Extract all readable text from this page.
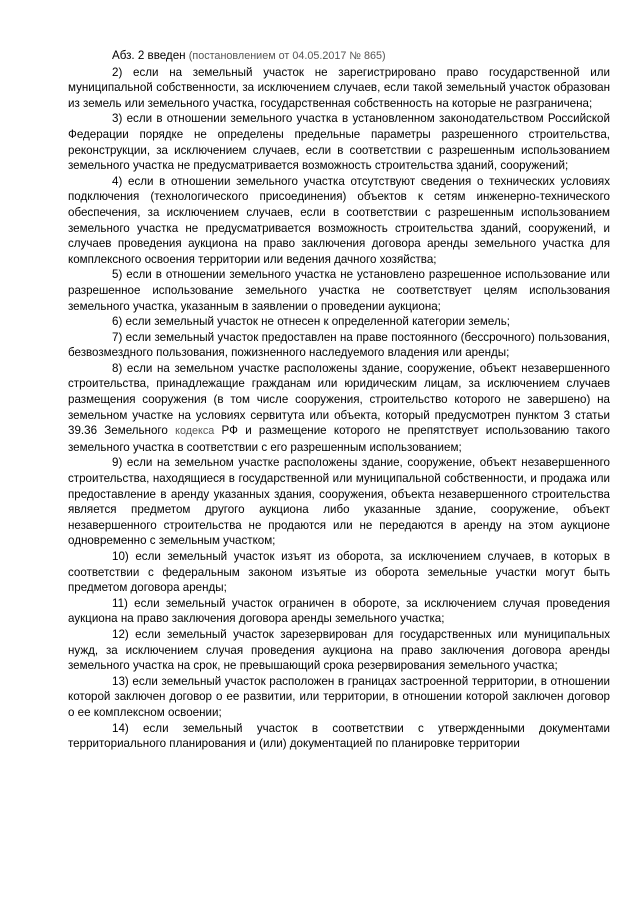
Абз. 2 введен (постановлением от 04.05.2017 № 865)

2) если на земельный участок не зарегистрировано право государственной или муниципальной собственности, за исключением случаев, если такой земельный участок образован из земель или земельного участка, государственная собственность на которые не разграничена;

3) если в отношении земельного участка в установленном законодательством Российской Федерации порядке не определены предельные параметры разрешенного строительства, реконструкции, за исключением случаев, если в соответствии с разрешенным использованием земельного участка не предусматривается возможность строительства зданий, сооружений;

4) если в отношении земельного участка отсутствуют сведения о технических условиях подключения (технологического присоединения) объектов к сетям инженерно-технического обеспечения, за исключением случаев, если в соответствии с разрешенным использованием земельного участка не предусматривается возможность строительства зданий, сооружений, и случаев проведения аукциона на право заключения договора аренды земельного участка для комплексного освоения территории или ведения дачного хозяйства;

5) если в отношении земельного участка не установлено разрешенное использование или разрешенное использование земельного участка не соответствует целям использования земельного участка, указанным в заявлении о проведении аукциона;

6) если земельный участок не отнесен к определенной категории земель;

7) если земельный участок предоставлен на праве постоянного (бессрочного) пользования, безвозмездного пользования, пожизненного наследуемого владения или аренды;

8) если на земельном участке расположены здание, сооружение, объект незавершенного строительства, принадлежащие гражданам или юридическим лицам, за исключением случаев размещения сооружения (в том числе сооружения, строительство которого не завершено) на земельном участке на условиях сервитута или объекта, который предусмотрен пунктом 3 статьи 39.36 Земельного кодекса РФ и размещение которого не препятствует использованию такого земельного участка в соответствии с его разрешенным использованием;

9) если на земельном участке расположены здание, сооружение, объект незавершенного строительства, находящиеся в государственной или муниципальной собственности, и продажа или предоставление в аренду указанных здания, сооружения, объекта незавершенного строительства является предметом другого аукциона либо указанные здание, сооружение, объект незавершенного строительства не продаются или не передаются в аренду на этом аукционе одновременно с земельным участком;

10) если земельный участок изъят из оборота, за исключением случаев, в которых в соответствии с федеральным законом изъятые из оборота земельные участки могут быть предметом договора аренды;

11) если земельный участок ограничен в обороте, за исключением случая проведения аукциона на право заключения договора аренды земельного участка;

12) если земельный участок зарезервирован для государственных или муниципальных нужд, за исключением случая проведения аукциона на право заключения договора аренды земельного участка на срок, не превышающий срока резервирования земельного участка;

13) если земельный участок расположен в границах застроенной территории, в отношении которой заключен договор о ее развитии, или территории, в отношении которой заключен договор о ее комплексном освоении;

14) если земельный участок в соответствии с утвержденными документами территориального планирования и (или) документацией по планировке территории
